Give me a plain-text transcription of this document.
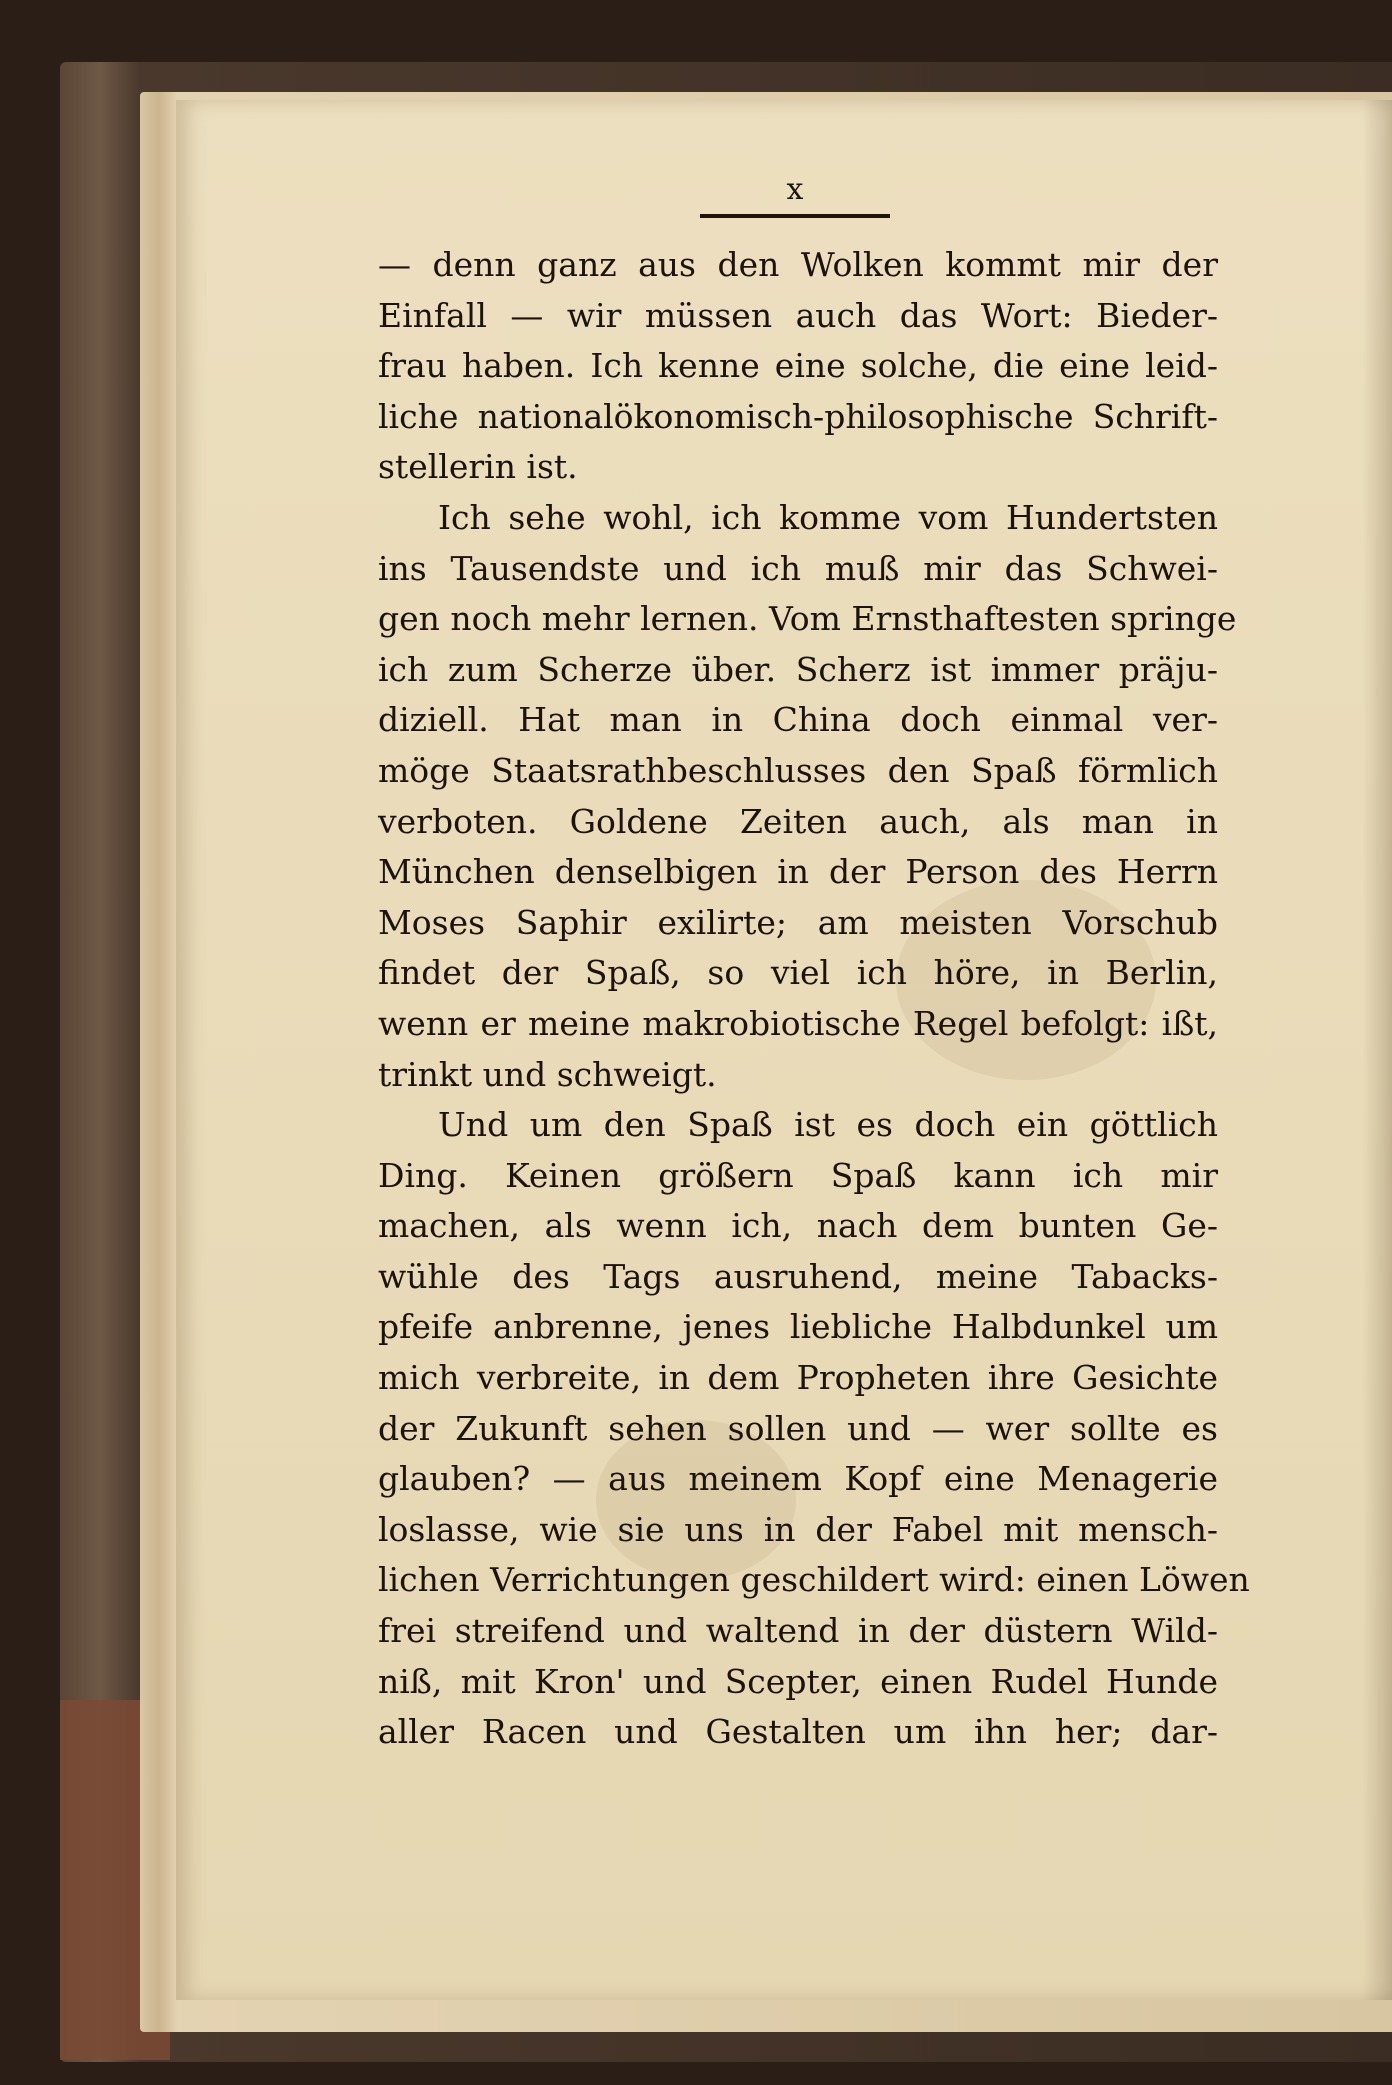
x
— denn ganz aus den Wolken kommt mir der
Einfall — wir müssen auch das Wort: Bieder-
frau haben. Ich kenne eine solche, die eine leid-
liche nationalökonomisch-philosophische Schrift-
stellerin ist.
Ich sehe wohl, ich komme vom Hundertsten
ins Tausendste und ich muß mir das Schwei-
gen noch mehr lernen. Vom Ernsthaftesten springe
ich zum Scherze über. Scherz ist immer präju-
diziell. Hat man in China doch einmal ver-
möge Staatsrathbeschlusses den Spaß förmlich
verboten. Goldene Zeiten auch, als man in
München denselbigen in der Person des Herrn
Moses Saphir exilirte; am meisten Vorschub
findet der Spaß, so viel ich höre, in Berlin,
wenn er meine makrobiotische Regel befolgt: ißt,
trinkt und schweigt.
Und um den Spaß ist es doch ein göttlich
Ding. Keinen größern Spaß kann ich mir
machen, als wenn ich, nach dem bunten Ge-
wühle des Tags ausruhend, meine Tabacks-
pfeife anbrenne, jenes liebliche Halbdunkel um
mich verbreite, in dem Propheten ihre Gesichte
der Zukunft sehen sollen und — wer sollte es
glauben? — aus meinem Kopf eine Menagerie
loslasse, wie sie uns in der Fabel mit mensch-
lichen Verrichtungen geschildert wird: einen Löwen
frei streifend und waltend in der düstern Wild-
niß, mit Kron' und Scepter, einen Rudel Hunde
aller Racen und Gestalten um ihn her; dar-
